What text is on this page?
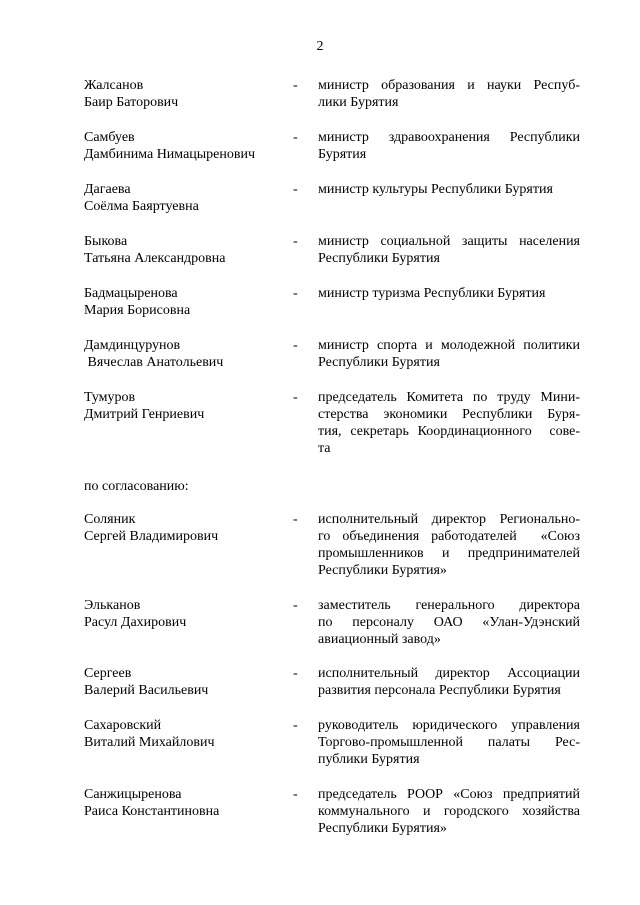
2
Жалсанов
Баир Баторович
- министр образования и науки Респуб-
лики Бурятия
Самбуев
Дамбинима Нимацыренович
- министр здравоохранения Республики
Бурятия
Дагаева
Соёлма Баяртуевна
- министр культуры Республики Бурятия
Быкова
Татьяна Александровна
- министр социальной защиты населения
Республики Бурятия
Бадмацыренова
Мария Борисовна
- министр туризма Республики Бурятия
Дамдинцурунов
Вячеслав Анатольевич
- министр спорта и молодежной политики
Республики Бурятия
Тумуров
Дмитрий Генриевич
- председатель Комитета по труду Мини-
стерства экономики Республики Буря-
тия, секретарь Координационного  сове-
та
по согласованию:
Соляник
Сергей Владимирович
- исполнительный директор Регионально-
го объединения работодателей  «Союз
промышленников и предпринимателей
Республики Бурятия»
Эльканов
Расул Дахирович
- заместитель генерального директора
по персоналу ОАО «Улан-Удэнский
авиационный завод»
Сергеев
Валерий Васильевич
- исполнительный директор Ассоциации
развития персонала Республики Бурятия
Сахаровский
Виталий Михайлович
- руководитель юридического управления
Торгово-промышленной палаты Рес-
публики Бурятия
Санжицыренова
Раиса Константиновна
- председатель РООР «Союз предприятий
коммунального и городского хозяйства
Республики Бурятия»
